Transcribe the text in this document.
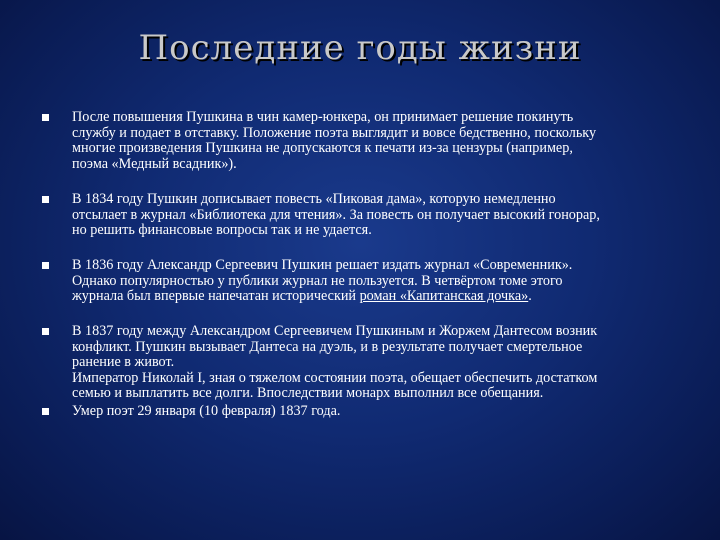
Последние годы жизни
После повышения Пушкина в чин камер-юнкера, он принимает решение покинуть
службу и подает в отставку. Положение поэта выглядит и вовсе бедственно, поскольку
многие произведения Пушкина не допускаются к печати из-за цензуры (например,
поэма «Медный всадник»).
В 1834 году Пушкин дописывает повесть «Пиковая дама», которую немедленно
отсылает в журнал «Библиотека для чтения». За повесть он получает высокий гонорар,
но решить финансовые вопросы так и не удается.
В 1836 году Александр Сергеевич Пушкин решает издать журнал «Современник».
Однако популярностью у публики журнал не пользуется. В четвёртом томе этого
журнала был впервые напечатан исторический роман «Капитанская дочка».
В 1837 году между Александром Сергеевичем Пушкиным и Жоржем Дантесом возник
конфликт. Пушкин вызывает Дантеса на дуэль, и в результате получает смертельное
ранение в живот.
Император Николай I, зная о тяжелом состоянии поэта, обещает обеспечить достатком
семью и выплатить все долги. Впоследствии монарх выполнил все обещания.
Умер поэт 29 января (10 февраля) 1837 года.
